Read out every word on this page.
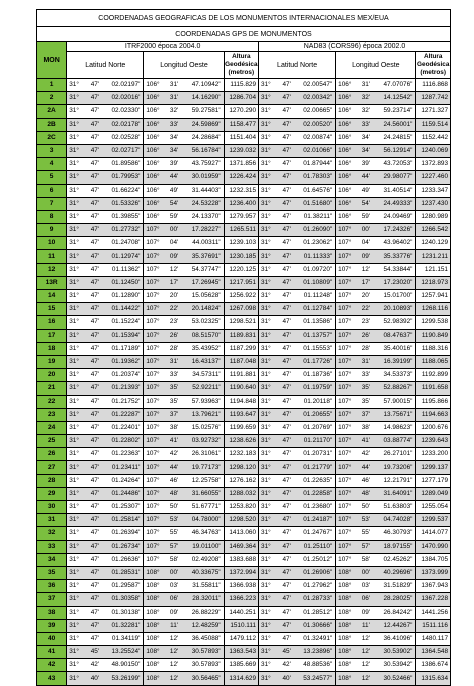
COORDENADAS GEOGRAFICAS DE LOS MONUMENTOS INTERNACIONALES MEX/EUA														
COORDENADAS GPS DE MONUMENTOS														
MON	ITRF2000 época 2004.0							NAD83 (CORS96) época 2002.0						
	Latitud Norte			Longitud Oeste			Altura Geodésica (metros)	Latitud Norte			Longitud Oeste			Altura Geodésica (metros)
1	31°	47'	02.02197"	106°	31'	47.10942"	1115.829	31°	47'	02.00547"	106°	31'	47.07076"	1116.868
2	31°	47'	02.02016"	106°	31'	14.16290"	1286.704	31°	47'	02.00342"	106°	32'	14.12542"	1287.742
2A	31°	47'	02.02330"	106°	32'	59.27581"	1270.290	31°	47'	02.00665"	106°	32'	59.23714"	1271.327
2B	31°	47'	02.02178"	106°	33'	24.59869"	1158.477	31°	47'	02.00520"	106°	33'	24.56001"	1159.514
2C	31°	47'	02.02528"	106°	34'	24.28684"	1151.404	31°	47'	02.00874"	106°	34'	24.24815"	1152.442
3	31°	47'	02.02717"	106°	34'	56.16784"	1239.032	31°	47'	02.01066"	106°	34'	56.12914"	1240.069
4	31°	47'	01.89586"	106°	39'	43.75927"	1371.856	31°	47'	01.87944"	106°	39'	43.72053"	1372.893
5	31°	47'	01.79953"	106°	44'	30.01959"	1226.424	31°	47'	01.78303"	106°	44'	29.98077"	1227.460
6	31°	47'	01.66224"	106°	49'	31.44403"	1232.315	31°	47'	01.64576"	106°	49'	31.40514"	1233.347
7	31°	47'	01.53326"	106°	54'	24.53228"	1236.400	31°	47'	01.51680"	106°	54'	24.49333"	1237.430
8	31°	47'	01.39855"	106°	59'	24.13370"	1279.957	31°	47'	01.38211"	106°	59'	24.09469"	1280.989
9	31°	47'	01.27732"	107°	00'	17.28227"	1265.511	31°	47'	01.26090"	107°	00'	17.24326"	1266.542
10	31°	47'	01.24708"	107°	04'	44.00311"	1239.103	31°	47'	01.23062"	107°	04'	43.96402"	1240.129
11	31°	47'	01.12974"	107°	09'	35.37691"	1230.185	31°	47'	01.11333"	107°	09'	35.33776"	1231.211
12	31°	47'	01.11362"	107°	12'	54.37747"	1220.125	31°	47'	01.09720"	107°	12'	54.33844"	121.151
13R	31°	47'	01.12450"	107°	17'	17.26945"	1217.951	31°	47'	01.10809"	107°	17'	17.23020"	1218.973
14	31°	47'	01.12890"	107°	20'	15.05628"	1256.922	31°	47'	01.11248"	107°	20'	15.01700"	1257.941
15	31°	47'	01.14422"	107°	22'	20.14824"	1267.098	31°	47'	01.12784"	107°	22'	20.10893"	1268.116
16	31°	47'	01.15224"	107°	23'	53.02325"	1298.521	31°	47'	01.13586"	107°	23'	52.98392"	1299.538
17	31°	47'	01.15394"	107°	26'	08.51570"	1189.831	31°	47'	01.13757"	107°	26'	08.47637"	1190.849
18	31°	47'	01.17189"	107°	28'	35.43952"	1187.299	31°	47'	01.15553"	107°	28'	35.40016"	1188.316
19	31°	47'	01.19362"	107°	31'	16.43137"	1187.048	31°	47'	01.17726"	107°	31'	16.39199"	1188.065
20	31°	47'	01.20374"	107°	33'	34.57311"	1191.881	31°	47'	01.18736"	107°	33'	34.53373"	1192.899
21	31°	47'	01.21393"	107°	35'	52.92211"	1190.640	31°	47'	01.19759"	107°	35'	52.88267"	1191.658
22	31°	47'	01.21752"	107°	35'	57.93963"	1194.848	31°	47'	01.20118"	107°	35'	57.90015"	1195.866
23	31°	47'	01.22287"	107°	37'	13.79621"	1193.647	31°	47'	01.20655"	107°	37'	13.75671"	1194.663
24	31°	47'	01.22401"	107°	38'	15.02576"	1199.659	31°	47'	01.20769"	107°	38'	14.98623"	1200.676
25	31°	47'	01.22802"	107°	41'	03.92732"	1238.626	31°	47'	01.21170"	107°	41'	03.88774"	1239.643
26	31°	47'	01.22363"	107°	42'	26.31061"	1232.183	31°	47'	01.20731"	107°	42'	26.27101"	1233.200
27	31°	47'	01.23411"	107°	44'	19.77173"	1298.120	31°	47'	01.21779"	107°	44'	19.73206"	1299.137
28	31°	47'	01.24264"	107°	46'	12.25758"	1276.162	31°	47'	01.22635"	107°	46'	12.21791"	1277.179
29	31°	47'	01.24486"	107°	48'	31.66055"	1288.032	31°	47'	01.22858"	107°	48'	31.64091"	1289.049
30	31°	47'	01.25307"	107°	50'	51.67771"	1253.820	31°	47'	01.23680"	107°	50'	51.63803"	1255.054
31	31°	47'	01.25814"	107°	53'	04.78000"	1298.520	31°	47'	01.24187"	107°	53'	04.74028"	1299.537
32	31°	47'	01.26394"	107°	55'	46.34763"	1413.060	31°	47'	01.24767"	107°	55'	46.30793"	1414.077
33	31°	47'	01.26734"	107°	57'	19.01100"	1469.364	31°	47'	01.25110"	107°	57'	18.97155"	1470.990
34	31°	47'	01.26636"	107°	58'	02.49208"	1383.688	31°	47'	01.25012"	107°	58'	02.45262"	1384.705
35	31°	47'	01.28531"	108°	00'	40.33675"	1372.994	31°	47'	01.26906"	108°	00'	40.29696"	1373.999
36	31°	47'	01.29587"	108°	03'	31.55811"	1366.938	31°	47'	01.27962"	108°	03'	31.51829"	1367.943
37	31°	47'	01.30358"	108°	06'	28.32011"	1366.223	31°	47'	01.28733"	108°	06'	28.28025"	1367.228
38	31°	47'	01.30138"	108°	09'	26.88229"	1440.251	31°	47'	01.28512"	108°	09'	26.84242"	1441.256
39	31°	47'	01.32281"	108°	11'	12.48259"	1510.111	31°	47'	01.30666"	108°	11'	12.44267"	1511.116
40	31°	47'	01.34119"	108°	12'	36.45088"	1479.112	31°	47'	01.32491"	108°	12'	36.41096"	1480.117
41	31°	45'	13.25524"	108°	12'	30.57893"	1363.543	31°	45'	13.23896"	108°	12'	30.53902"	1364.548
42	31°	42'	48.90150"	108°	12'	30.57893"	1385.669	31°	42'	48.88536"	108°	12'	30.53942"	1386.674
43	31°	40'	53.26199"	108°	12'	30.56465"	1314.629	31°	40'	53.24577"	108°	12'	30.52466"	1315.634
